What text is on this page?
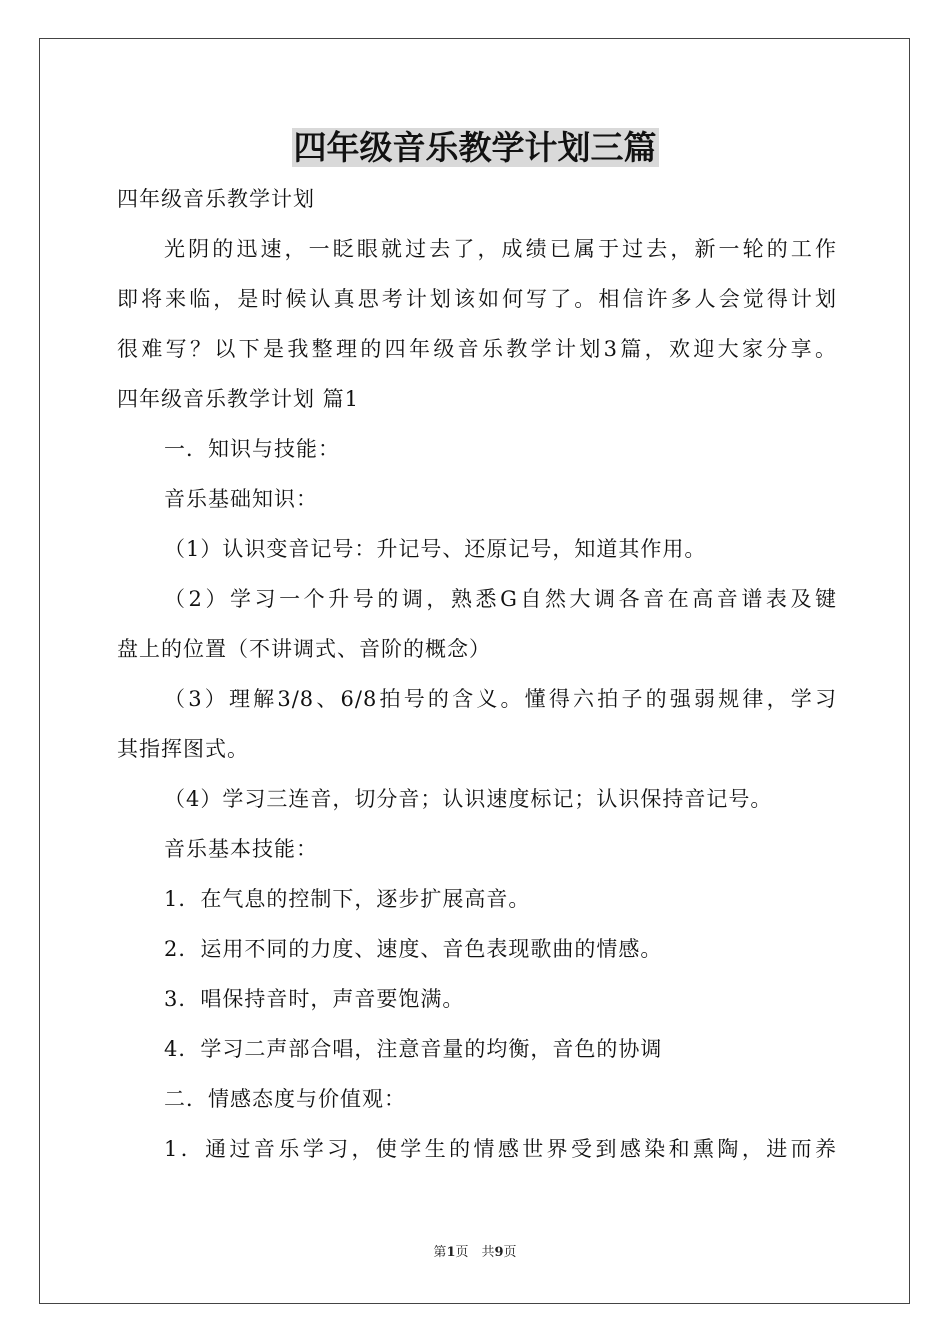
四年级音乐教学计划三篇
四年级音乐教学计划
光阴的迅速，一眨眼就过去了，成绩已属于过去，新一轮的工作
即将来临，是时候认真思考计划该如何写了。相信许多人会觉得计划
很难写？以下是我整理的四年级音乐教学计划3篇，欢迎大家分享。
四年级音乐教学计划 篇1
一．知识与技能：
音乐基础知识：
（1）认识变音记号：升记号、还原记号，知道其作用。
（2）学习一个升号的调，熟悉G自然大调各音在高音谱表及键
盘上的位置（不讲调式、音阶的概念）
（3）理解3/8、6/8拍号的含义。懂得六拍子的强弱规律，学习
其指挥图式。
（4）学习三连音，切分音；认识速度标记；认识保持音记号。
音乐基本技能：
1．在气息的控制下，逐步扩展高音。
2．运用不同的力度、速度、音色表现歌曲的情感。
3．唱保持音时，声音要饱满。
4．学习二声部合唱，注意音量的均衡，音色的协调
二．情感态度与价值观：
1．通过音乐学习，使学生的情感世界受到感染和熏陶，进而养
第1页　共9页
